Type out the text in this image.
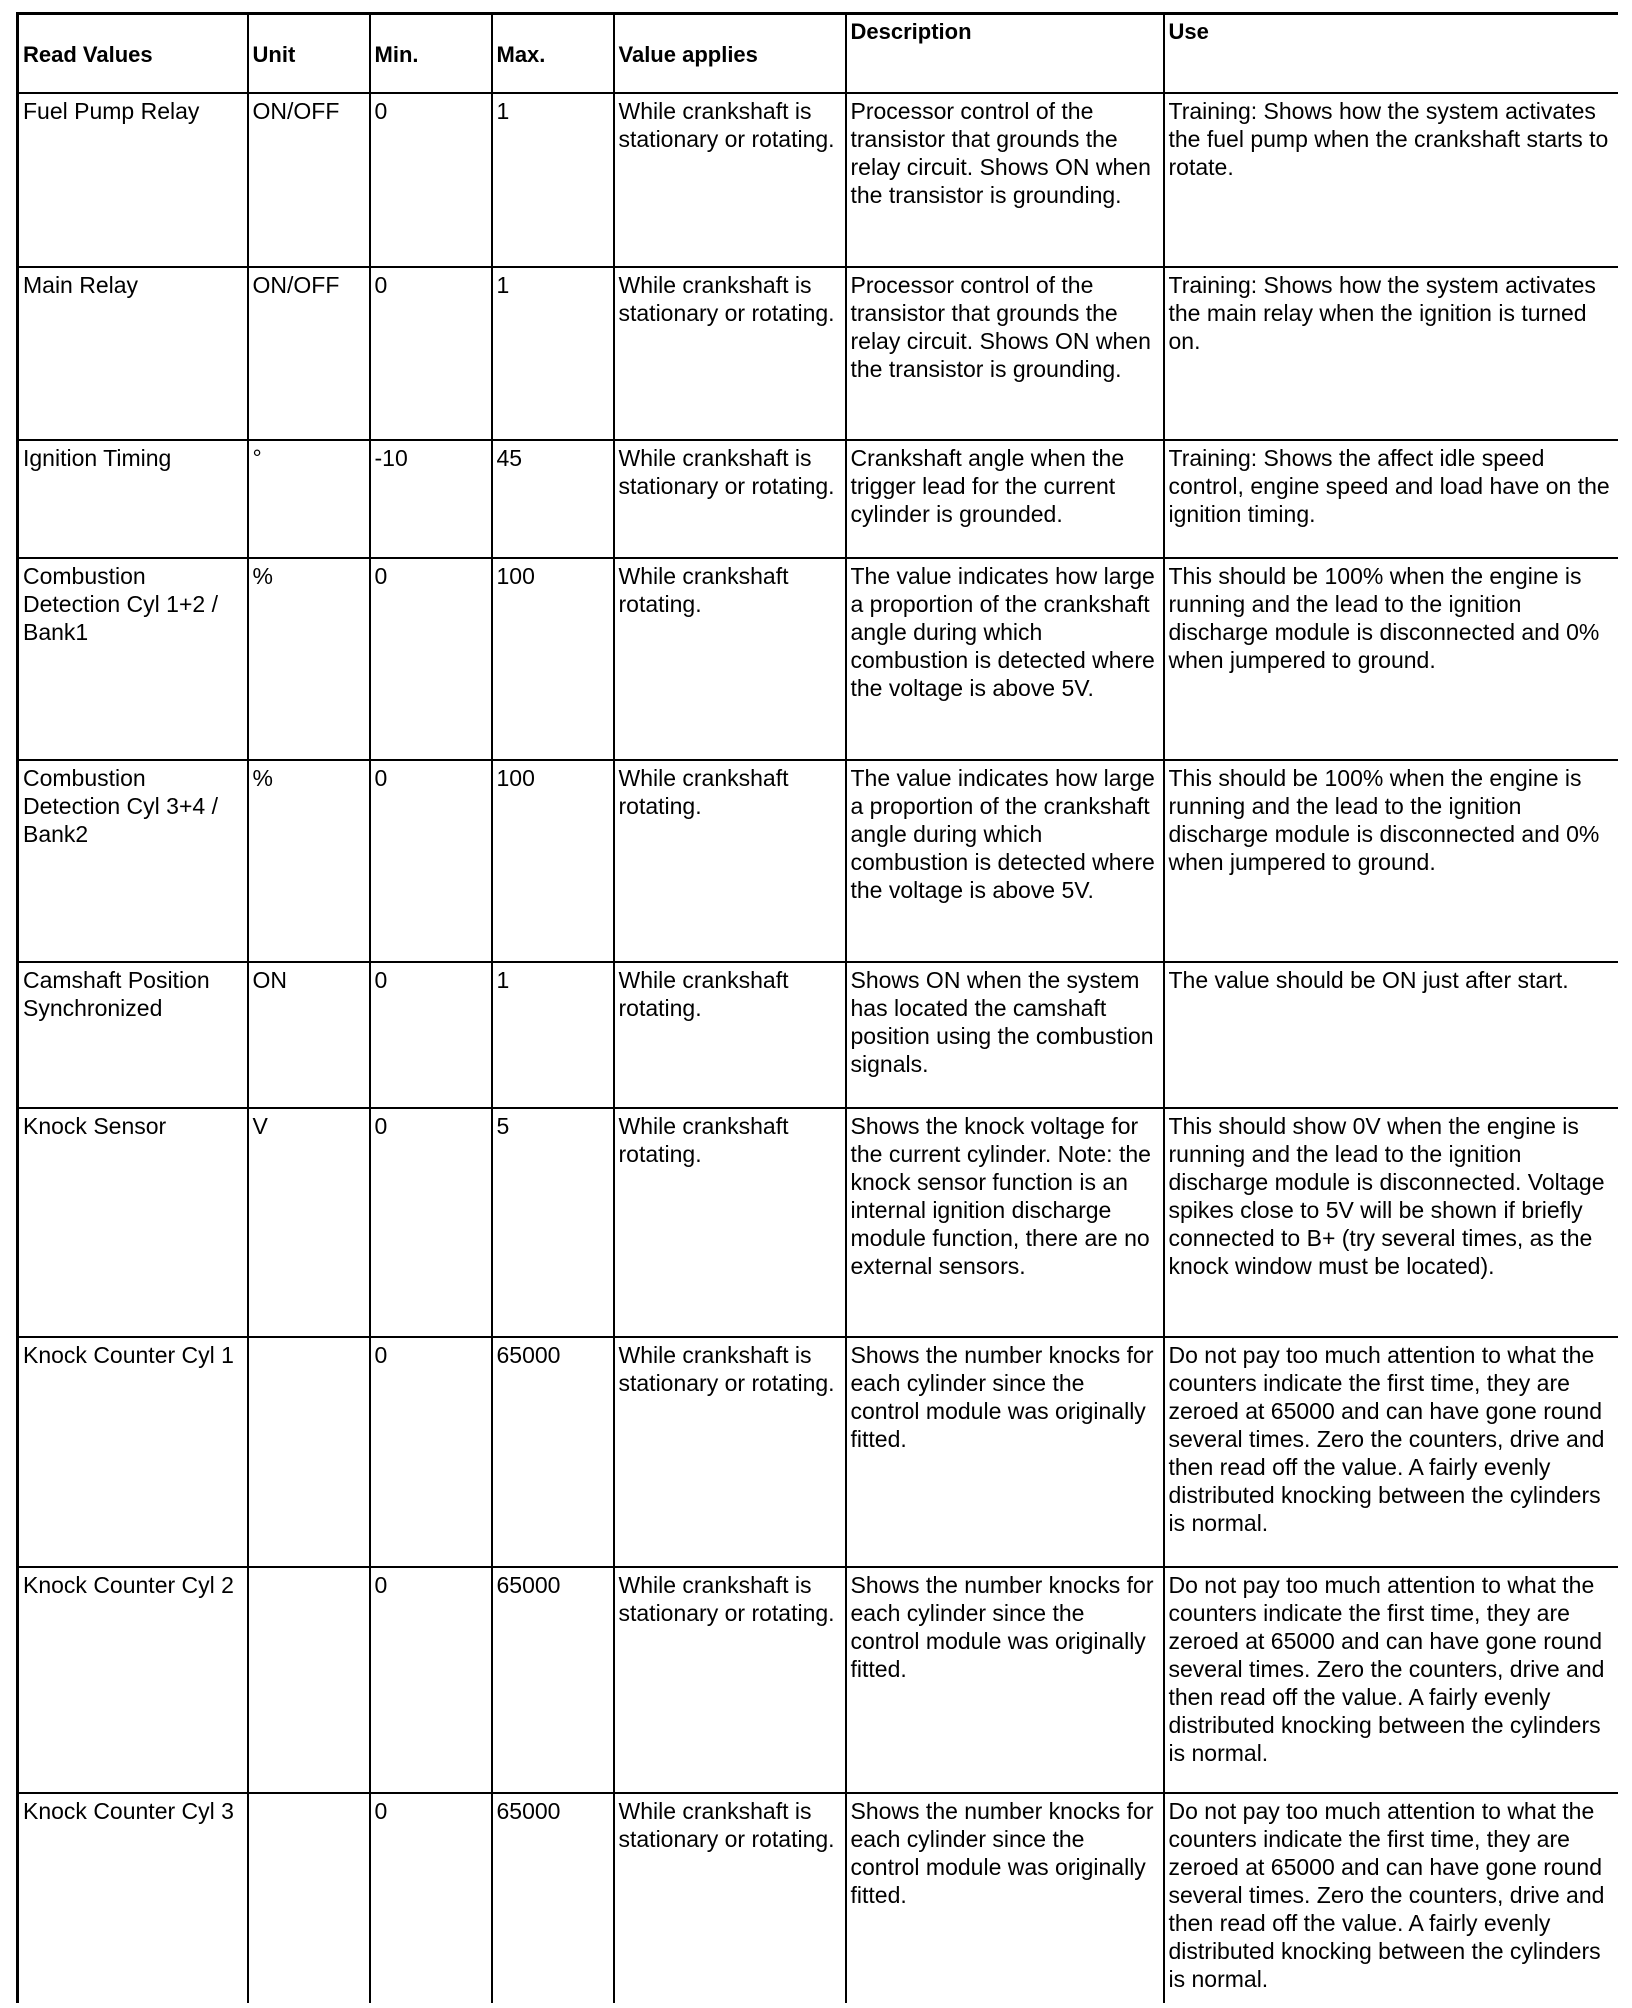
Read Values	Unit	Min.	Max.	Value applies	Description	Use
Fuel Pump Relay	ON/OFF	0	1	While crankshaft is stationary or rotating.	Processor control of the transistor that grounds the relay circuit. Shows ON when the transistor is grounding.	Training: Shows how the system activates the fuel pump when the crankshaft starts to rotate.
Main Relay	ON/OFF	0	1	While crankshaft is stationary or rotating.	Processor control of the transistor that grounds the relay circuit. Shows ON when the transistor is grounding.	Training: Shows how the system activates the main relay when the ignition is turned on.
Ignition Timing	°	-10	45	While crankshaft is stationary or rotating.	Crankshaft angle when the trigger lead for the current cylinder is grounded.	Training: Shows the affect idle speed control, engine speed and load have on the ignition timing.
Combustion Detection Cyl 1+2 / Bank1	%	0	100	While crankshaft rotating.	The value indicates how large a proportion of the crankshaft angle during which combustion is detected where the voltage is above 5V.	This should be 100% when the engine is running and the lead to the ignition discharge module is disconnected and 0% when jumpered to ground.
Combustion Detection Cyl 3+4 / Bank2	%	0	100	While crankshaft rotating.	The value indicates how large a proportion of the crankshaft angle during which combustion is detected where the voltage is above 5V.	This should be 100% when the engine is running and the lead to the ignition discharge module is disconnected and 0% when jumpered to ground.
Camshaft Position Synchronized	ON	0	1	While crankshaft rotating.	Shows ON when the system has located the camshaft position using the combustion signals.	The value should be ON just after start.
Knock Sensor	V	0	5	While crankshaft rotating.	Shows the knock voltage for the current cylinder. Note: the knock sensor function is an internal ignition discharge module function, there are no external sensors.	This should show 0V when the engine is running and the lead to the ignition discharge module is disconnected. Voltage spikes close to 5V will be shown if briefly connected to B+ (try several times, as the knock window must be located).
Knock Counter Cyl 1		0	65000	While crankshaft is stationary or rotating.	Shows the number knocks for each cylinder since the control module was originally fitted.	Do not pay too much attention to what the counters indicate the first time, they are zeroed at 65000 and can have gone round several times. Zero the counters, drive and then read off the value. A fairly evenly distributed knocking between the cylinders is normal.
Knock Counter Cyl 2		0	65000	While crankshaft is stationary or rotating.	Shows the number knocks for each cylinder since the control module was originally fitted.	Do not pay too much attention to what the counters indicate the first time, they are zeroed at 65000 and can have gone round several times. Zero the counters, drive and then read off the value. A fairly evenly distributed knocking between the cylinders is normal.
Knock Counter Cyl 3		0	65000	While crankshaft is stationary or rotating.	Shows the number knocks for each cylinder since the control module was originally fitted.	Do not pay too much attention to what the counters indicate the first time, they are zeroed at 65000 and can have gone round several times. Zero the counters, drive and then read off the value. A fairly evenly distributed knocking between the cylinders is normal.
